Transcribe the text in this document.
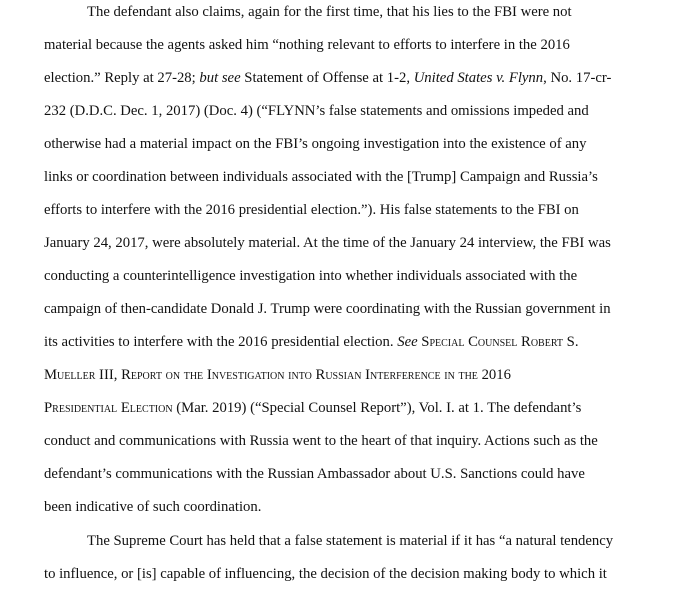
The defendant also claims, again for the first time, that his lies to the FBI were not
material because the agents asked him “nothing relevant to efforts to interfere in the 2016
election.” Reply at 27-28; but see Statement of Offense at 1-2, United States v. Flynn, No. 17-cr-
232 (D.D.C. Dec. 1, 2017) (Doc. 4) (“FLYNN’s false statements and omissions impeded and
otherwise had a material impact on the FBI’s ongoing investigation into the existence of any
links or coordination between individuals associated with the [Trump] Campaign and Russia’s
efforts to interfere with the 2016 presidential election.”). His false statements to the FBI on
January 24, 2017, were absolutely material. At the time of the January 24 interview, the FBI was
conducting a counterintelligence investigation into whether individuals associated with the
campaign of then-candidate Donald J. Trump were coordinating with the Russian government in
its activities to interfere with the 2016 presidential election. See Special Counsel Robert S.
Mueller III, Report on the Investigation into Russian Interference in the 2016
Presidential Election (Mar. 2019) (“Special Counsel Report”), Vol. I. at 1. The defendant’s
conduct and communications with Russia went to the heart of that inquiry. Actions such as the
defendant’s communications with the Russian Ambassador about U.S. Sanctions could have
been indicative of such coordination.
The Supreme Court has held that a false statement is material if it has “a natural tendency
to influence, or [is] capable of influencing, the decision of the decision making body to which it
